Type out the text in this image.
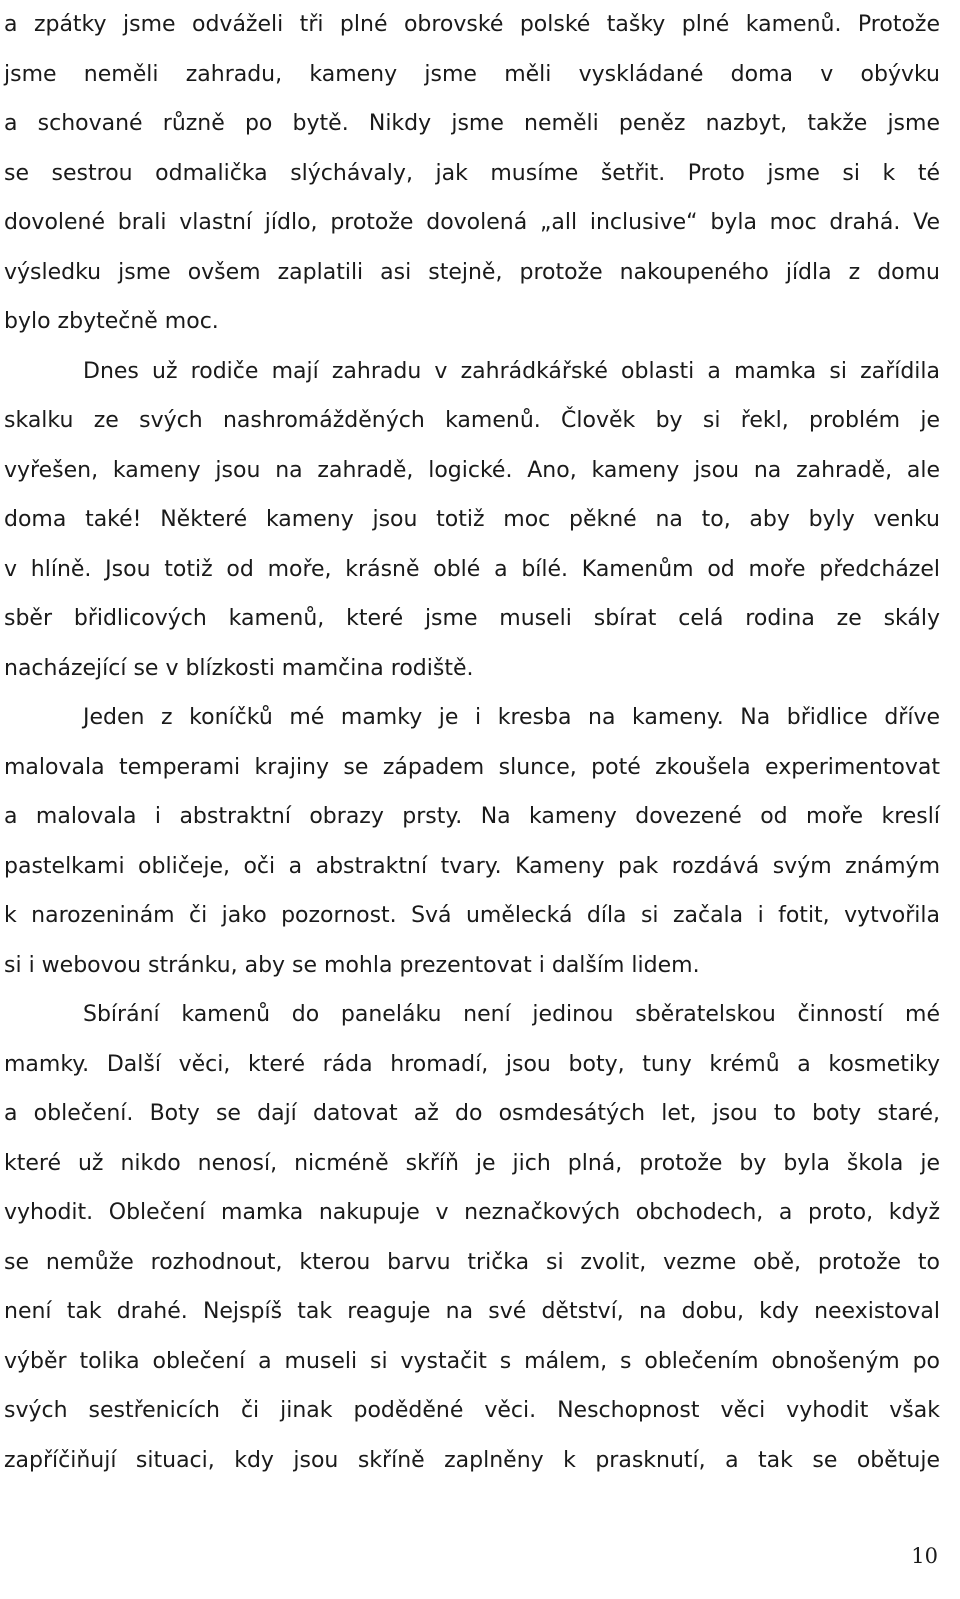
a zpátky jsme odváželi tři plné obrovské polské tašky plné kamenů. Protože
jsme neměli zahradu, kameny jsme měli vyskládané doma v obývku
a schované různě po bytě. Nikdy jsme neměli peněz nazbyt, takže jsme
se sestrou odmalička slýchávaly, jak musíme šetřit. Proto jsme si k té
dovolené brali vlastní jídlo, protože dovolená „all inclusive“ byla moc drahá. Ve
výsledku jsme ovšem zaplatili asi stejně, protože nakoupeného jídla z domu
bylo zbytečně moc.
Dnes už rodiče mají zahradu v zahrádkářské oblasti a mamka si zařídila
skalku ze svých nashromážděných kamenů. Člověk by si řekl, problém je
vyřešen, kameny jsou na zahradě, logické. Ano, kameny jsou na zahradě, ale
doma také! Některé kameny jsou totiž moc pěkné na to, aby byly venku
v hlíně. Jsou totiž od moře, krásně oblé a bílé. Kamenům od moře předcházel
sběr břidlicových kamenů, které jsme museli sbírat celá rodina ze skály
nacházející se v blízkosti mamčina rodiště.
Jeden z koníčků mé mamky je i kresba na kameny. Na břidlice dříve
malovala temperami krajiny se západem slunce, poté zkoušela experimentovat
a malovala i abstraktní obrazy prsty. Na kameny dovezené od moře kreslí
pastelkami obličeje, oči a abstraktní tvary. Kameny pak rozdává svým známým
k narozeninám či jako pozornost. Svá umělecká díla si začala i fotit, vytvořila
si i webovou stránku, aby se mohla prezentovat i dalším lidem.
Sbírání kamenů do paneláku není jedinou sběratelskou činností mé
mamky. Další věci, které ráda hromadí, jsou boty, tuny krémů a kosmetiky
a oblečení. Boty se dají datovat až do osmdesátých let, jsou to boty staré,
které už nikdo nenosí, nicméně skříň je jich plná, protože by byla škola je
vyhodit. Oblečení mamka nakupuje v neznačkových obchodech, a proto, když
se nemůže rozhodnout, kterou barvu trička si zvolit, vezme obě, protože to
není tak drahé. Nejspíš tak reaguje na své dětství, na dobu, kdy neexistoval
výběr tolika oblečení a museli si vystačit s málem, s oblečením obnošeným po
svých sestřenicích či jinak poděděné věci. Neschopnost věci vyhodit však
zapříčiňují situaci, kdy jsou skříně zaplněny k prasknutí, a tak se obětuje
10
